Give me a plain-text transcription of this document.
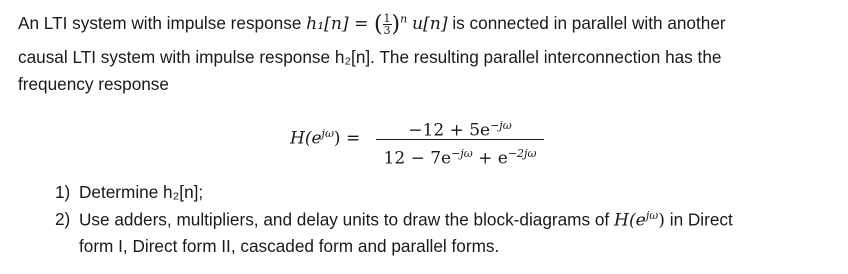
An LTI system with impulse response h₁[n] = ( $\frac{1}{3} )^n$ u[n] is connected in parallel with another
causal LTI system with impulse response h₂[n]. The resulting parallel interconnection has the
frequency response
$H(e^{j\omega})$ =	$-12 + 5e^{-j\omega}$
$12 - 7e^{-j\omega} + e^{-2j\omega}$
1) Determine h₂[n];
2) Use adders, multipliers, and delay units to draw the block-diagrams of $H(e^{j\omega})$ in Direct
form I, Direct form II, cascaded form and parallel forms.
